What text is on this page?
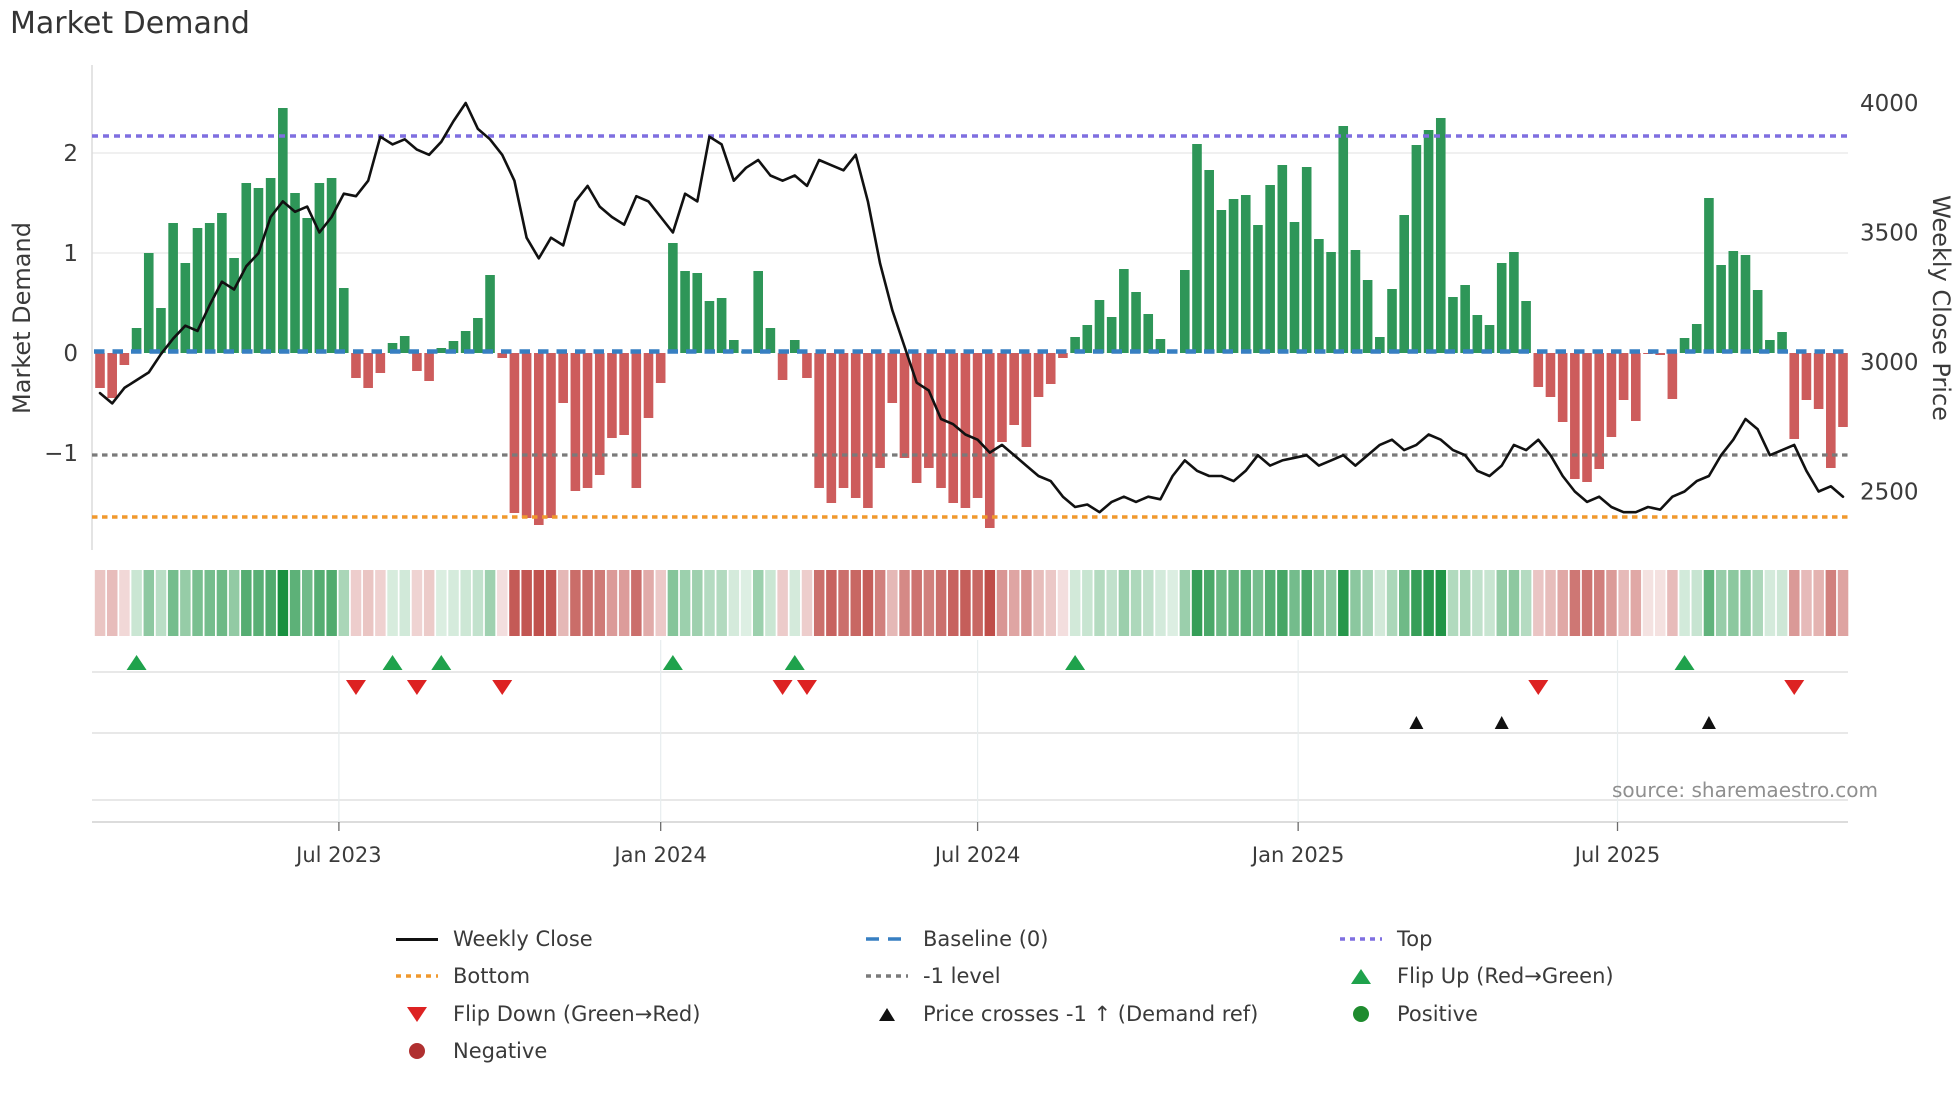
Market Demand
Market Demand	Weekly Close Price
Jul 2023	Jan 2024	Jul 2024	Jan 2025	Jul 2025
2
1
0
−1
4000
3500
3000
2500
source: sharemaestro.com
Weekly Close	Baseline (0)	Top
Bottom	-1 level	Flip Up (Red→Green)
Flip Down (Green→Red)	Price crosses -1 ↑ (Demand ref)	Positive
Negative
